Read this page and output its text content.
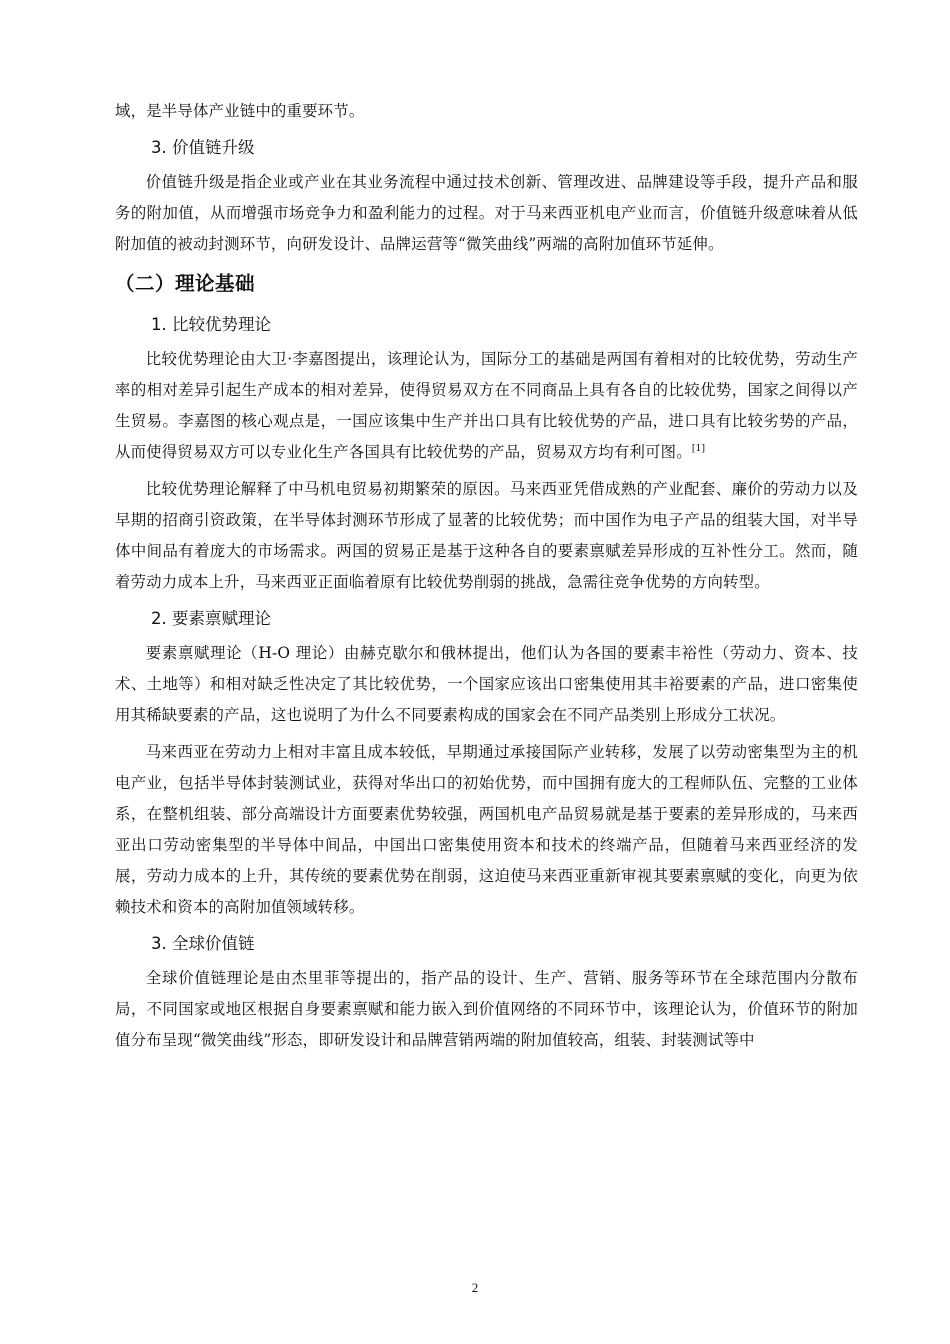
域，是半导体产业链中的重要环节。

3. 价值链升级

价值链升级是指企业或产业在其业务流程中通过技术创新、管理改进、品牌建设等手段，提升产品和服务的附加值，从而增强市场竞争力和盈利能力的过程。对于马来西亚机电产业而言，价值链升级意味着从低附加值的被动封测环节，向研发设计、品牌运营等“微笑曲线”两端的高附加值环节延伸。

（二）理论基础
1. 比较优势理论

比较优势理论由大卫·李嘉图提出，该理论认为，国际分工的基础是两国有着相对的比较优势，劳动生产率的相对差异引起生产成本的相对差异，使得贸易双方在不同商品上具有各自的比较优势，国家之间得以产生贸易。李嘉图的核心观点是，一国应该集中生产并出口具有比较优势的产品，进口具有比较劣势的产品，从而使得贸易双方可以专业化生产各国具有比较优势的产品，贸易双方均有利可图。[1]

比较优势理论解释了中马机电贸易初期繁荣的原因。马来西亚凭借成熟的产业配套、廉价的劳动力以及早期的招商引资政策，在半导体封测环节形成了显著的比较优势；而中国作为电子产品的组装大国，对半导体中间品有着庞大的市场需求。两国的贸易正是基于这种各自的要素禀赋差异形成的互补性分工。然而，随着劳动力成本上升，马来西亚正面临着原有比较优势削弱的挑战，急需往竞争优势的方向转型。

2. 要素禀赋理论

要素禀赋理论（H-O 理论）由赫克歇尔和俄林提出，他们认为各国的要素丰裕性（劳动力、资本、技术、土地等）和相对缺乏性决定了其比较优势，一个国家应该出口密集使用其丰裕要素的产品，进口密集使用其稀缺要素的产品，这也说明了为什么不同要素构成的国家会在不同产品类别上形成分工状况。

马来西亚在劳动力上相对丰富且成本较低，早期通过承接国际产业转移，发展了以劳动密集型为主的机电产业，包括半导体封装测试业，获得对华出口的初始优势，而中国拥有庞大的工程师队伍、完整的工业体系，在整机组装、部分高端设计方面要素优势较强，两国机电产品贸易就是基于要素的差异形成的，马来西亚出口劳动密集型的半导体中间品，中国出口密集使用资本和技术的终端产品，但随着马来西亚经济的发展，劳动力成本的上升，其传统的要素优势在削弱，这迫使马来西亚重新审视其要素禀赋的变化，向更为依赖技术和资本的高附加值领域转移。

3. 全球价值链

全球价值链理论是由杰里菲等提出的，指产品的设计、生产、营销、服务等环节在全球范围内分散布局，不同国家或地区根据自身要素禀赋和能力嵌入到价值网络的不同环节中，该理论认为，价值环节的附加值分布呈现“微笑曲线”形态，即研发设计和品牌营销两端的附加值较高，组装、封装测试等中

2
